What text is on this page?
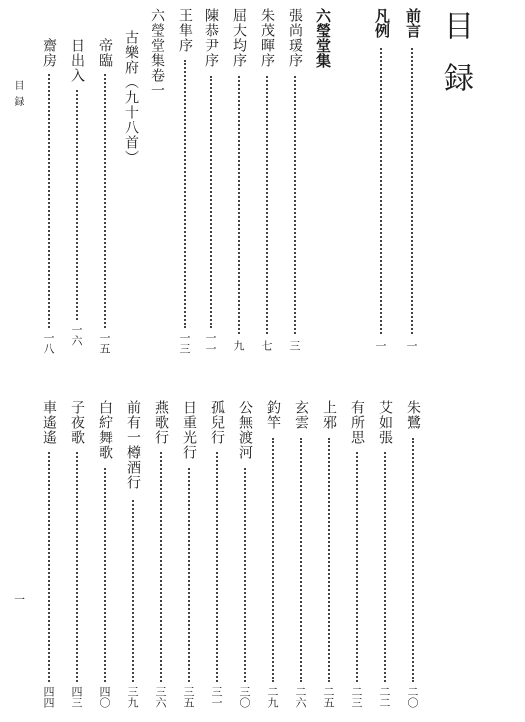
目録
目録
一
前言
一
凡例
一
六瑩堂集
張尚瑗序
三
朱茂暉序
七
屈大均序
九
陳恭尹序
一一
王隼序
一三
六瑩堂集卷一
古樂府（九十八首）
帝臨
一五
日出入
一六
齋房
一八
朱鷺
二〇
艾如張
二二
有所思
二三
上邪
二五
玄雲
二六
釣竿
二九
公無渡河
三〇
孤兒行
三一
日重光行
三五
燕歌行
三六
前有一樽酒行
三九
白紵舞歌
四〇
子夜歌
四三
車遙遙
四四
